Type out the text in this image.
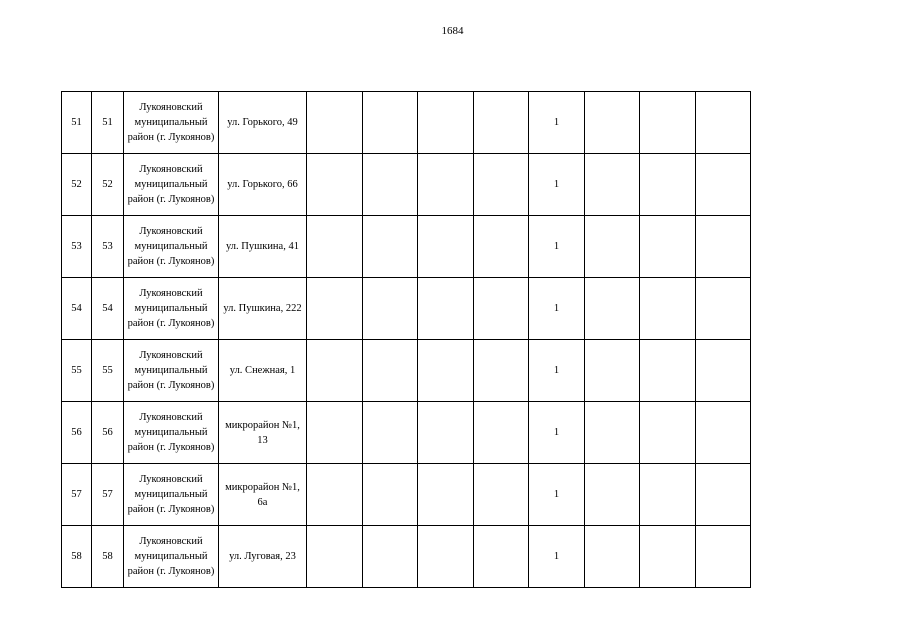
1684
51	51	Лукояновский муниципальный район (г. Лукоянов)	ул. Горького, 49					1			
52	52	Лукояновский муниципальный район (г. Лукоянов)	ул. Горького, 66					1			
53	53	Лукояновский муниципальный район (г. Лукоянов)	ул. Пушкина, 41					1			
54	54	Лукояновский муниципальный район (г. Лукоянов)	ул. Пушкина, 222					1			
55	55	Лукояновский муниципальный район (г. Лукоянов)	ул. Снежная, 1					1			
56	56	Лукояновский муниципальный район (г. Лукоянов)	микрорайон №1, 13					1			
57	57	Лукояновский муниципальный район (г. Лукоянов)	микрорайон №1, 6а					1			
58	58	Лукояновский муниципальный район (г. Лукоянов)	ул. Луговая, 23					1			
